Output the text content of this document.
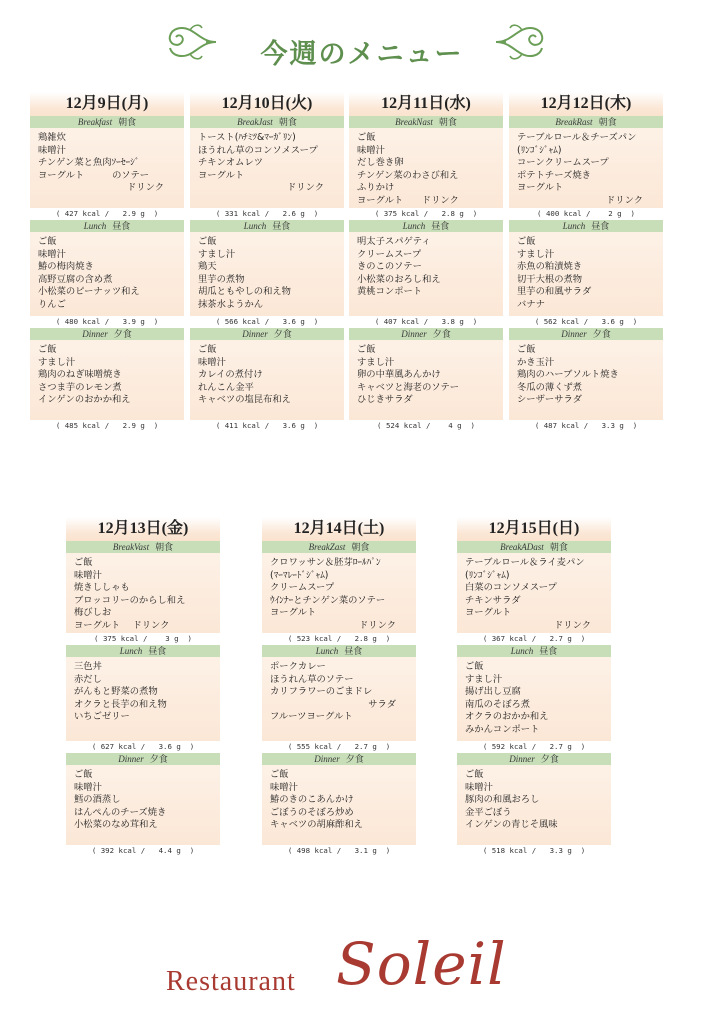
今週のメニュー
12月9日(月)
Breakfast 朝食
鶏雑炊
味噌汁
チンゲン菜と魚肉ｿｰｾｰｼﾞ
ヨーグルト　　　のソテー
ドリンク
( 427 kcal /   2.9 g  )
Lunch 昼食
ご飯
味噌汁
鰆の梅肉焼き
高野豆腐の含め煮
小松菜のピーナッツ和え
りんご
( 480 kcal /   3.9 g  )
Dinner 夕食
ご飯
すまし汁
鶏肉のねぎ味噌焼き
さつま芋のレモン煮
インゲンのおかか和え
( 485 kcal /   2.9 g  )
12月10日(火)
BreakJast 朝食
トースト(ﾊﾁﾐﾂ&ﾏｰｶﾞﾘﾝ)
ほうれん草のコンソメスープ
チキンオムレツ
ヨーグルト
ドリンク
( 331 kcal /   2.6 g  )
Lunch 昼食
ご飯
すまし汁
鶏天
里芋の煮物
胡瓜ともやしの和え物
抹茶水ようかん
( 566 kcal /   3.6 g  )
Dinner 夕食
ご飯
味噌汁
カレイの煮付け
れんこん金平
キャベツの塩昆布和え
( 411 kcal /   3.6 g  )
12月11日(水)
BreakNast 朝食
ご飯
味噌汁
だし巻き卵
チンゲン菜のわさび和え
ふりかけ
ヨーグルト　　ドリンク
( 375 kcal /   2.8 g  )
Lunch 昼食
明太子スパゲティ
クリームスープ
きのこのソテー
小松菜のおろし和え
黄桃コンポート
( 407 kcal /   3.8 g  )
Dinner 夕食
ご飯
すまし汁
卵の中華風あんかけ
キャベツと海老のソテー
ひじきサラダ
( 524 kcal /    4 g  )
12月12日(木)
BreakRast 朝食
テーブルロール＆チーズパン
(ﾘﾝｺﾞｼﾞｬﾑ)
コーンクリームスープ
ポテトチーズ焼き
ヨーグルト
ドリンク
( 400 kcal /    2 g  )
Lunch 昼食
ご飯
すまし汁
赤魚の粕漬焼き
切干大根の煮物
里芋の和風サラダ
バナナ
( 562 kcal /   3.6 g  )
Dinner 夕食
ご飯
かき玉汁
鶏肉のハーブソルト焼き
冬瓜の薄くず煮
シーザーサラダ
( 487 kcal /   3.3 g  )
12月13日(金)
BreakVast 朝食
ご飯
味噌汁
焼きししゃも
ブロッコリーのからし和え
梅びしお
ヨーグルト　 ドリンク
( 375 kcal /    3 g  )
Lunch 昼食
三色丼
赤だし
がんもと野菜の煮物
オクラと長芋の和え物
いちごゼリー
( 627 kcal /   3.6 g  )
Dinner 夕食
ご飯
味噌汁
鱈の酒蒸し
はんぺんのチーズ焼き
小松菜のなめ茸和え
( 392 kcal /   4.4 g  )
12月14日(土)
BreakZast 朝食
クロワッサン＆胚芽ﾛｰﾙﾊﾟﾝ
(ﾏｰﾏﾚｰﾄﾞｼﾞｬﾑ)
クリームスープ
ｳｲﾝﾅｰとチンゲン菜のソテー
ヨーグルト
ドリンク
( 523 kcal /   2.8 g  )
Lunch 昼食
ポークカレー
ほうれん草のソテー
カリフラワーのごまドレ
サラダ
フルーツヨーグルト
( 555 kcal /   2.7 g  )
Dinner 夕食
ご飯
味噌汁
鰆のきのこあんかけ
ごぼうのそぼろ炒め
キャベツの胡麻酢和え
( 498 kcal /   3.1 g  )
12月15日(日)
BreakADast 朝食
テーブルロール＆ライ麦パン
(ﾘﾝｺﾞｼﾞｬﾑ)
白菜のコンソメスープ
チキンサラダ
ヨーグルト
ドリンク
( 367 kcal /   2.7 g  )
Lunch 昼食
ご飯
すまし汁
揚げ出し豆腐
南瓜のそぼろ煮
オクラのおかか和え
みかんコンポート
( 592 kcal /   2.7 g  )
Dinner 夕食
ご飯
味噌汁
豚肉の和風おろし
金平ごぼう
インゲンの青じそ風味
( 518 kcal /   3.3 g  )
Restaurant Soleil
